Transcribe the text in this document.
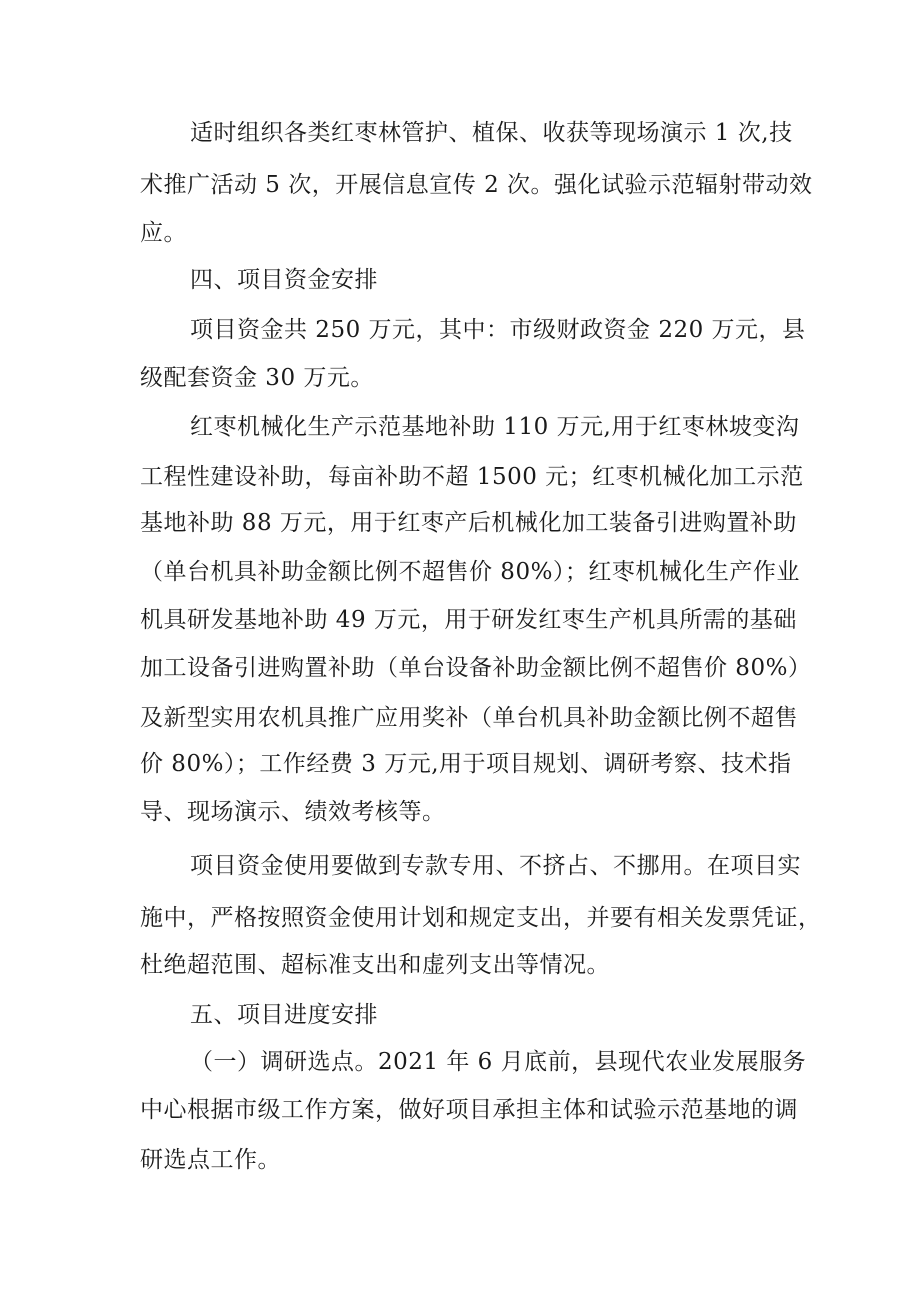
适时组织各类红枣林管护、植保、收获等现场演示 1 次,技
术推广活动 5 次，开展信息宣传 2 次。强化试验示范辐射带动效
应。
四、项目资金安排
项目资金共 250 万元，其中：市级财政资金 220 万元，县
级配套资金 30 万元。
红枣机械化生产示范基地补助 110 万元,用于红枣林坡变沟
工程性建设补助，每亩补助不超 1500 元；红枣机械化加工示范
基地补助 88 万元，用于红枣产后机械化加工装备引进购置补助
（单台机具补助金额比例不超售价 80%）；红枣机械化生产作业
机具研发基地补助 49 万元，用于研发红枣生产机具所需的基础
加工设备引进购置补助（单台设备补助金额比例不超售价 80%）
及新型实用农机具推广应用奖补（单台机具补助金额比例不超售
价 80%）；工作经费 3 万元,用于项目规划、调研考察、技术指
导、现场演示、绩效考核等。
项目资金使用要做到专款专用、不挤占、不挪用。在项目实
施中，严格按照资金使用计划和规定支出，并要有相关发票凭证，
杜绝超范围、超标准支出和虚列支出等情况。
五、项目进度安排
（一）调研选点。2021 年 6 月底前，县现代农业发展服务
中心根据市级工作方案，做好项目承担主体和试验示范基地的调
研选点工作。
